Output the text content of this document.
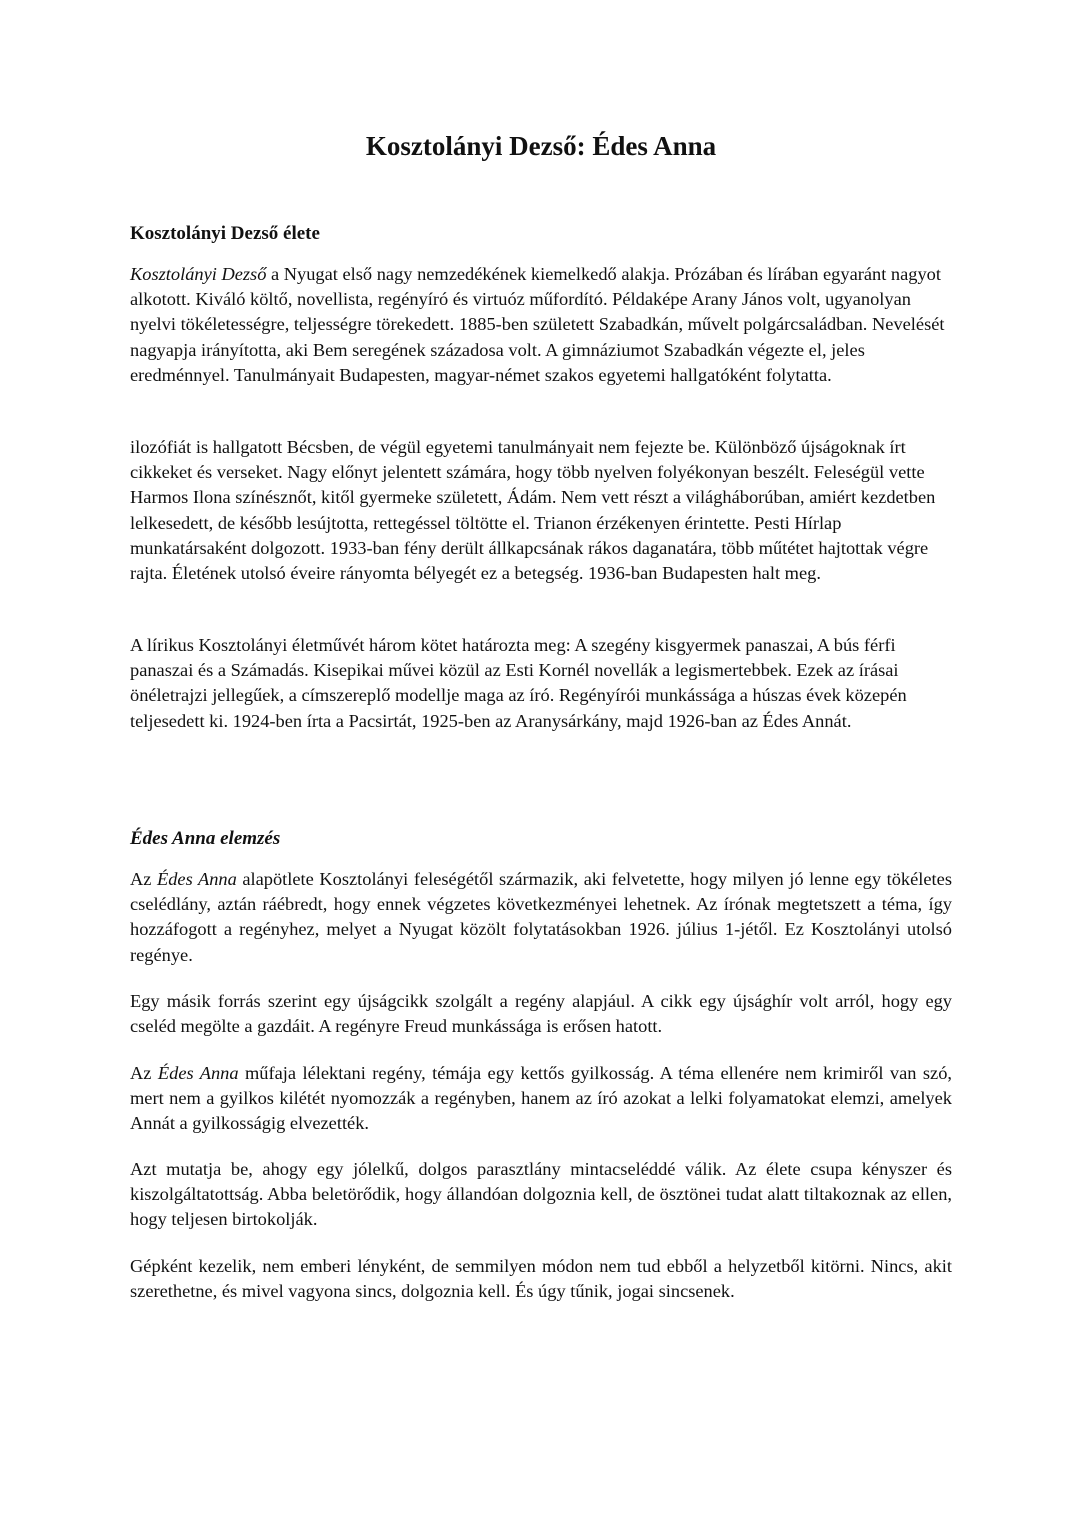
Kosztolányi Dezső: Édes Anna
Kosztolányi Dezső élete

Kosztolányi Dezső a Nyugat első nagy nemzedékének kiemelkedő alakja. Prózában és lírában egyaránt nagyot alkotott. Kiváló költő, novellista, regényíró és virtuóz műfordító. Példaképe Arany János volt, ugyanolyan nyelvi tökéletességre, teljességre törekedett. 1885-ben született Szabadkán, művelt polgárcsaládban. Nevelését nagyapja irányította, aki Bem seregének századosa volt. A gimnáziumot Szabadkán végezte el, jeles eredménnyel. Tanulmányait Budapesten, magyar-német szakos egyetemi hallgatóként folytatta.

ilozófiát is hallgatott Bécsben, de végül egyetemi tanulmányait nem fejezte be. Különböző újságoknak írt cikkeket és verseket. Nagy előnyt jelentett számára, hogy több nyelven folyékonyan beszélt. Feleségül vette Harmos Ilona színésznőt, kitől gyermeke született, Ádám. Nem vett részt a világháborúban, amiért kezdetben lelkesedett, de később lesújtotta, rettegéssel töltötte el. Trianon érzékenyen érintette. Pesti Hírlap munkatársaként dolgozott. 1933-ban fény derült állkapcsának rákos daganatára, több műtétet hajtottak végre rajta. Életének utolsó éveire rányomta bélyegét ez a betegség. 1936-ban Budapesten halt meg.

A lírikus Kosztolányi életművét három kötet határozta meg: A szegény kisgyermek panaszai, A bús férfi panaszai és a Számadás. Kisepikai művei közül az Esti Kornél novellák a legismertebbek. Ezek az írásai önéletrajzi jellegűek, a címszereplő modellje maga az író. Regényírói munkássága a húszas évek közepén teljesedett ki. 1924-ben írta a Pacsirtát, 1925-ben az Aranysárkány, majd 1926-ban az Édes Annát.

Édes Anna elemzés

Az Édes Anna alapötlete Kosztolányi feleségétől származik, aki felvetette, hogy milyen jó lenne egy tökéletes cselédlány, aztán ráébredt, hogy ennek végzetes következményei lehetnek. Az írónak megtetszett a téma, így hozzáfogott a regényhez, melyet a Nyugat közölt folytatásokban 1926. július 1-jétől. Ez Kosztolányi utolsó regénye.

Egy másik forrás szerint egy újságcikk szolgált a regény alapjául. A cikk egy újsághír volt arról, hogy egy cseléd megölte a gazdáit. A regényre Freud munkássága is erősen hatott.

Az Édes Anna műfaja lélektani regény, témája egy kettős gyilkosság. A téma ellenére nem krimiről van szó, mert nem a gyilkos kilétét nyomozzák a regényben, hanem az író azokat a lelki folyamatokat elemzi, amelyek Annát a gyilkosságig elvezették.

Azt mutatja be, ahogy egy jólelkű, dolgos parasztlány mintacseléddé válik. Az élete csupa kényszer és kiszolgáltatottság. Abba beletörődik, hogy állandóan dolgoznia kell, de ösztönei tudat alatt tiltakoznak az ellen, hogy teljesen birtokolják.

Gépként kezelik, nem emberi lényként, de semmilyen módon nem tud ebből a helyzetből kitörni. Nincs, akit szerethetne, és mivel vagyona sincs, dolgoznia kell. És úgy tűnik, jogai sincsenek.
